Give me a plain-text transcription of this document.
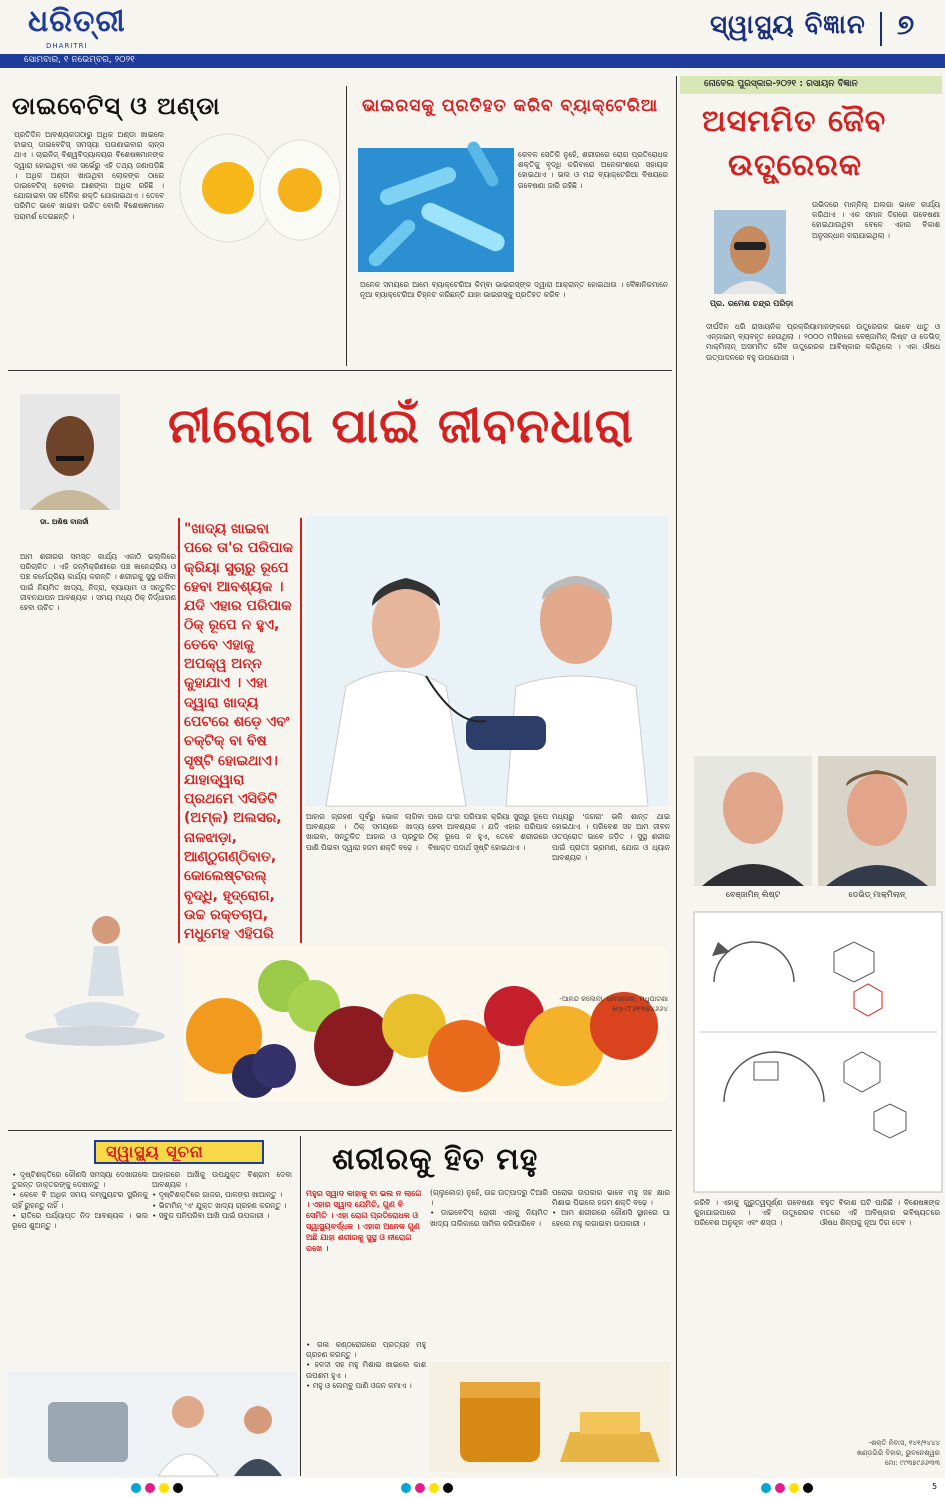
ଧରିତ୍ରୀ
DHARITRI
ସ୍ୱାସ୍ଥ୍ୟ ବିଜ୍ଞାନ ୭
ସୋମବାର, ୧ ନଭେମ୍ବର, ୨୦୨୧
ଡାଇବେଟିସ୍‌ ଓ ଅଣ୍ଡା
ପ୍ରତିଦିନ ଆବଶ୍ୟକତାଠାରୁ ଅଧିକ ଅଣ୍ଡା ଖାଇଲେ ଟାଇପ୍ ଡାଇବେଟିସ୍ ସମସ୍ୟା ପଉଣାଇବାର ଚାନ୍ସ ଥାଏ । ଚାଇନିଜ୍ ବିଶ୍ୱବିଦ୍ୟାଳୟର ବିଶେଷଜ୍ଞମାନଙ୍କ ଦ୍ୱାରା ହୋଇଥିବା ଏକ ସର୍ଭେରୁ ଏହି ତଥ୍ୟ ଜଣାପଡ଼ିଛି । ଅଧିକ ଅଣ୍ଡା ଖାଉଥିବା ଲୋକଙ୍କ ଠାରେ ଡାଇବେଟିସ୍ ହେବାର ଆଶଙ୍କା ଅଧିକ ରହିଛି । ଯୋଗାଇବା ସହ ଦୈନିକ ଶକ୍ତି ଯୋଗାଇଥାଏ । ତେବେ ପରିମିତ ଭାବେ ଖାଇବା ଉଚିତ ବୋଲି ବିଶେଷଜ୍ଞମାନେ ପରାମର୍ଶ ଦେଇଛନ୍ତି ।
ଭାଇରସକୁ ପ୍ରତିହତ କରିବ ବ୍ୟାକ୍ଟେରିଆ
କେବଳ ସେତିକି ନୁହେଁ, ଶରୀରରେ ରୋଗ ପ୍ରତିରୋଧକ ଶକ୍ତିକୁ ବୃଦ୍ଧି କରିବାରେ ଅନେକାଂଶରେ ସହାୟକ ହୋଇଥାଏ । ଭଲ ଓ ମନ୍ଦ ବ୍ୟାକ୍ଟେରିଆ ବିଷୟରେ ଗବେଷଣା ଜାରି ରହିଛି ।
ଅନେକ ସମୟରେ ଆମେ ବ୍ୟାକ୍ଟେରିଆ କିମ୍ବା ଭାଇରସ୍‌ଙ୍କ ଦ୍ୱାରା ଆକ୍ରାନ୍ତ ହୋଇଥାଉ । ବୈଜ୍ଞାନିକମାନେ ନୂଆ ବ୍ୟାକ୍ଟେରିଆ ଚିହ୍ନଟ କରିଛନ୍ତି ଯାହା ଭାଇରସ୍‌କୁ ପ୍ରତିହତ କରିବ ।
ନୋବେଲ ପୁରସ୍କାର-୨୦୨୧ : ରସାୟନ ବିଜ୍ଞାନ
ଅସମମିତ ଜୈବ
ଉତ୍ପ୍ରେରକ
ପ୍ର. ରମେଶ ଚନ୍ଦ୍ର ପରିଡ଼ା
ଉଭିଦରେ ମାନ୍‌ନିଲ୍ ଅଲଗା ଭାବେ କାର୍ଯ୍ୟ କରିଥାଏ । ଏକ ସମାନ ଦିଗରେ ଗବେଷଣା ହୋଇଥାଉଥିବା ବେଳେ ଏହାର ବିକାଶ ଅନୁସନ୍ଧାନ କରାଯାଇଥିଲା ।
ଦୀର୍ଘଦିନ ଧରି ରାସାୟନିକ ପ୍ରକ୍ରିୟାମାନଙ୍କରେ ଉତ୍ପ୍ରେରକ ଭାବେ ଧାତୁ ଓ ଏନ୍‌ଜାଇମ୍ ବ୍ୟବହୃତ ହେଉଥିଲା । ୨୦୦୦ ମସିହାରେ ବେଞ୍ଜାମିନ୍ ଲିଷ୍ଟ ଓ ଡେଭିଡ୍ ମାକ୍‌ମିଲାନ୍ ଅସମମିତ ଜୈବ ଉତ୍ପ୍ରେରକ ଆବିଷ୍କାର କରିଥିଲେ । ଏହା ଔଷଧ ଉତ୍ପାଦନରେ ବହୁ ଉପଯୋଗୀ ।
ବେଞ୍ଜାମିନ୍ ଲିଷ୍ଟ	ଡେଭିଡ୍ ମାକ୍‌ମିଲାନ୍
କରିବି । ଏହାକୁ ଗୁରୁତ୍ୱପୂର୍ଣ୍ଣ ଗବେଷଣା କୁହାଯାଇପାରେ । ଏହି ଉତ୍ପ୍ରେରକ ପରିବେଶ ଅନୁକୂଳ ଏବଂ ଶସ୍ତା ।
ବହୁତ ବିକାଶ ଘଟି ପାରିଛି । ବିଶେଷଜ୍ଞଙ୍କ ମତରେ ଏହି ଆବିଷ୍କାର ଭବିଷ୍ୟତରେ ଔଷଧ ଶିଳ୍ପକୁ ନୂଆ ଦିଗ ଦେବ ।
-ଶକ୍ତି ନିବାସ, ୧୪୧/୨୪୪୪
ଖଣ୍ଡଗିରି ବିହାର, ଭୁବନେଶ୍ୱର
ମୋ: ୯୯୩୭୯୬୬୩୩
ଡା. ଅଶିଷ ବାନାର୍ଜୀ
ନୀରୋଗ ପାଇଁ ଜୀବନଧାରା
"ଖାଦ୍ୟ ଖାଇବା ପରେ ତା'ର ପରିପାକ କ୍ରିୟା ସୁଚାରୁ ରୂପେ ହେବା ଆବଶ୍ୟକ । ଯଦି ଏହାର ପରିପାକ ଠିକ୍ ରୂପେ ନ ହୁଏ, ତେବେ ଏହାକୁ ଅପକ୍ୱ ଅନ୍ନ କୁହାଯାଏ । ଏହା ଦ୍ୱାରା ଖାଦ୍ୟ ପେଟରେ ଶଡ଼େ ଏବଂ ଚକ୍ଟିକ୍ ବା ବିଷ ସୃଷ୍ଟି ହୋଇଥାଏ। ଯାହାଦ୍ୱାରା ପ୍ରଥମେ ଏସିଡିଟି (ଅମ୍ଳ) ଅଲସର, ନାଳଝାଡ଼ା, ଆଣ୍ଠୁଗଣ୍ଠିବାତ, କୋଲେଷ୍ଟରଲ୍ ବୃଦ୍ଧି, ହୃଦ୍‌ରୋଗ, ଉଚ୍ଚ ରକ୍ତଚାପ, ମଧୁମେହ ଏହିପରି
ଆମ ଶରୀରର ସମସ୍ତ କାର୍ଯ୍ୟ ଏକାଠି ଭଲ୍ଲିରେ ପରିଚାଳିତ । ଏହି ଜନ୍ମିକ୍ରିଣୀରେ ପଞ୍ଚ ଜ୍ଞାନେନ୍ଦ୍ରିୟ ଓ ପଞ୍ଚ କର୍ମେନ୍ଦ୍ରିୟ କାର୍ଯ୍ୟ କରନ୍ତି । ଶରୀରକୁ ସୁସ୍ଥ ରଖିବା ପାଇଁ ନିୟମିତ ଖାଦ୍ୟ, ନିଦ୍ରା, ବ୍ୟାୟାମ ଓ ସନ୍ତୁଳିତ ଜୀବନଯାପନ ଆବଶ୍ୟକ । ସମୟ ମଧ୍ୟ ଠିକ୍ ନିର୍ଦ୍ଧାରଣ ହେବା ଉଚିତ ।
ଆହାର ଗ୍ରହଣ ପୂର୍ବରୁ ଭୋକ ଲାଗିବା ଆବଶ୍ୟକ । ଠିକ୍ ସମୟରେ ଖାଦ୍ୟ ଖାଇବା, ସନ୍ତୁଳିତ ଆହାର ଓ ପ୍ରଚୁର ପାଣି ପିଇବା ଦ୍ୱାରା ହଜମ ଶକ୍ତି ବଢ଼େ ।
ପରେ ତା'ର ପରିପାକ କ୍ରିୟା ସୁଚାରୁ ରୂପେ ହେବା ଆବଶ୍ୟକ । ଯଦି ଏହାର ପରିପାକ ଠିକ୍ ରୂପେ ନ ହୁଏ, ତେବେ ଶରୀରରେ ବିଷାକ୍ତ ପଦାର୍ଥ ସୃଷ୍ଟି ହୋଇଥାଏ ।
ମଧ୍ୟରୁ 'ଜଗରା' ଭଳି ଶାନ୍ତ ଥାଇ ହୋଇଥାଏ । ପରିବେଶ ସହ ଆମ ଜୀବନ ଓତପ୍ରୋତ ଭାବେ ଜଡ଼ିତ । ସୁସ୍ଥ ଶରୀର ପାଇଁ ପ୍ରାତଃ ଭ୍ରମଣ, ଯୋଗ ଓ ଧ୍ୟାନ ଆବଶ୍ୟକ ।
-ଆନନ୍ଦ କଲୋନୀ, ହେମନଗର, ମଧୁପାଟଣା
ମୋ-୯୮୬୧୩୭୪୬୬୪
ସ୍ୱାସ୍ଥ୍ୟ ସୂଚନା
• ଦୃଷ୍ଟିଶକ୍ତିରେ କୌଣସି ସମସ୍ୟା ଦେଖାଗଲେ ତୁରନ୍ତ ଡାକ୍ତରଙ୍କୁ ଦେଖାନ୍ତୁ ।
• କେବେ ବି ଅଧିକ ସମୟ କମ୍ପ୍ୟୁଟର ସ୍କ୍ରିନକୁ ଚାହିଁ ରୁହନ୍ତୁ ନାହିଁ ।
• ରାତିରେ ପର୍ଯ୍ୟାପ୍ତ ନିଦ ଆବଶ୍ୟକ । ଭଲ ରୂପେ ଶୁଅନ୍ତୁ ।
ଆହାରରେ ଆଖିକୁ ଉପଯୁକ୍ତ ବିଶ୍ରାମ ଦେବା ଆବଶ୍ୟକ ।
• ଦୃଷ୍ଟିଶକ୍ତିରେ ଗାଜର, ପାଳଙ୍ଗ ଖାଆନ୍ତୁ ।
• ଭିଟାମିନ୍ 'ଏ' ଯୁକ୍ତ ଖାଦ୍ୟ ଗ୍ରହଣ କରନ୍ତୁ ।
• ସବୁଜ ପନିପରିବା ଆଖି ପାଇଁ ଉପକାରୀ ।
ଶରୀରକୁ ହିତ ମହୁ
ମହୁର ସ୍ୱାଦ କାହାକୁ ବା ଭଲ ନ ଲାଗେ । ଏହାର ସ୍ୱାଦ ଯେମିତି, ଗୁଣ ବି ସେମିତି । ଏହା ରୋଗ ପ୍ରତିରୋଧକ ଓ ସ୍ୱାସ୍ଥ୍ୟବର୍ଦ୍ଧକ । ଏହାର ଅନେକ ଗୁଣ ଅଛି ଯାହା ଶରୀରକୁ ସୁସ୍ଥ ଓ ନୀରୋଗ ରଖେ ।
• ଗଳା କଣ୍ଠରୋଗରେ ପ୍ରତ୍ୟହ ମହୁ ଗ୍ରହଣ କରନ୍ତୁ ।
• ହଳଦୀ ସହ ମହୁ ମିଶାଇ ଖାଇଲେ କାଶ ଉପଶମ ହୁଏ ।
• ମହୁ ଓ ଲେମ୍ବୁ ପାଣି ଓଜନ କମାଏ ।
(ଗ୍ଲୁକୋଜ) ନୁହେଁ, ଉଚ୍ଚ ଉତ୍ପାଦରୁ ତିଆରି ।
• ଡାଇବେଟିସ୍ ରୋଗୀ ଏହାକୁ ନିୟମିତ ଖାଦ୍ୟ ତାଲିକାରେ ସାମିଲ କରିପାରିବେ ।
ପରୋଭ ଉପକାର ଭାବେ ମହୁ ସହ କ୍ଷାର ମିଶାଇ ପିଇଲେ ହଜମ ଶକ୍ତି ବଢ଼େ ।
• ଆମ ଶରୀରରେ କୌଣସି ସ୍ଥାନରେ ଘା ହେଲେ ମହୁ ଲଗାଇବା ଉପକାରୀ ।
5
